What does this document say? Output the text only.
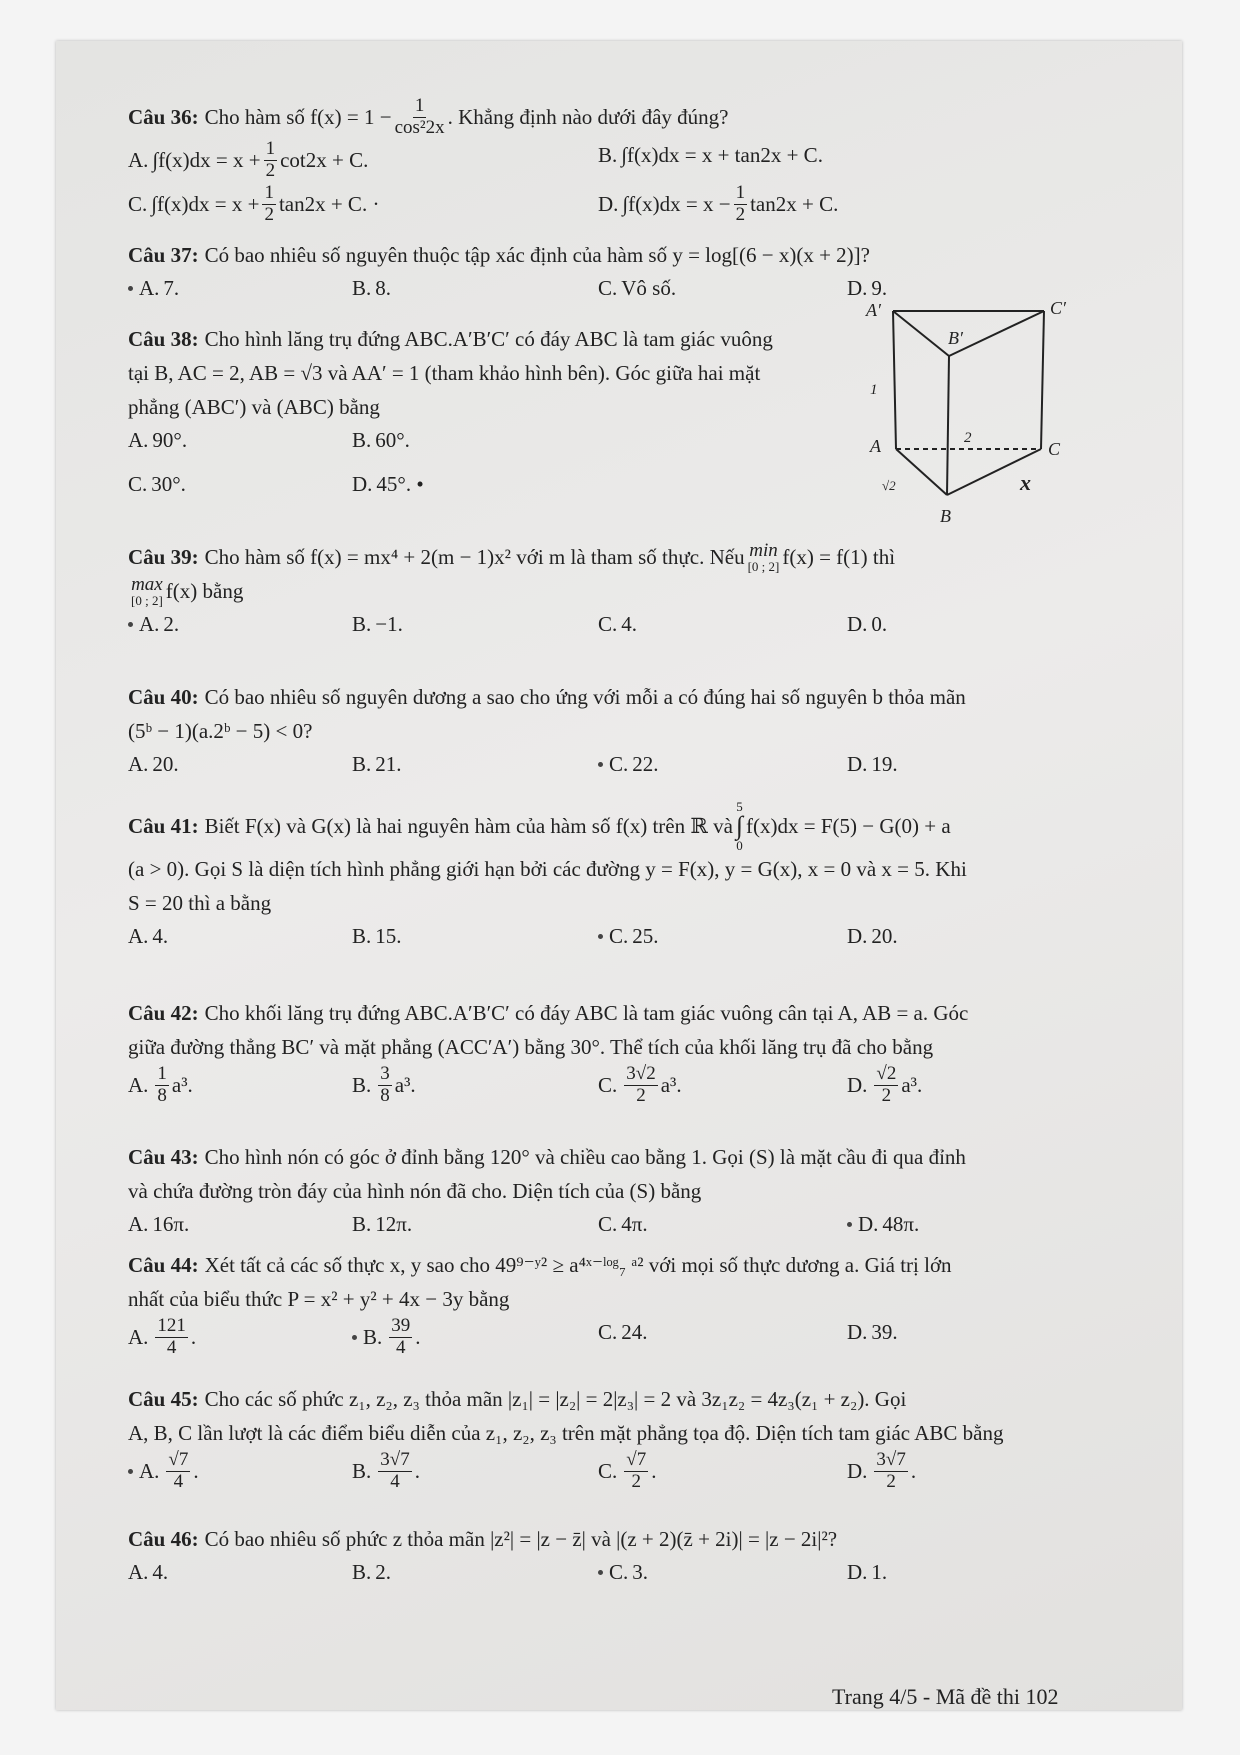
Câu 36: Cho hàm số $f(x) = 1 - \frac{1}{\text{cos²2x}}$ . Khẳng định nào dưới đây đúng?
A. $\int f(x)dx = x + \frac{1}{2} \cot 2x + C$.	B. ∫f(x)dx = x + tan2x + C.
C. $\int f(x)dx = x + \frac{1}{2} \tan 2x + C$. ·	D. $\int f(x)dx = x - \frac{1}{2} \tan 2x + C$.
Câu 37: Có bao nhiêu số nguyên thuộc tập xác định của hàm số y = log[(6 − x)(x + 2)]?
A. 7.	B. 8.	C. Vô số.	D. 9.
Câu 38: Cho hình lăng trụ đứng ABC.A′B′C′ có đáy ABC là tam giác vuông
tại B, AC = 2, AB = √3 và AA′ = 1 (tham khảo hình bên). Góc giữa hai mặt
phẳng (ABC′) và (ABC) bằng
A. 90°.	B. 60°.
C. 30°.	D. 45°. •
Câu 39: Cho hàm số f(x) = mx⁴ + 2(m − 1)x² với m là tham số thực. Nếu min
[0 ; 2] f(x) = f(1) thì
max
[0 ; 2] f(x) bằng
A. 2.	B. −1.	C. 4.	D. 0.
Câu 40: Có bao nhiêu số nguyên dương a sao cho ứng với mỗi a có đúng hai số nguyên b thỏa mãn
(5ᵇ − 1)(a.2ᵇ − 5) < 0?
A. 20.	B. 21.	C. 22.	D. 19.
Câu 41: Biết F(x) và G(x) là hai nguyên hàm của hàm số f(x) trên ℝ và
5
∫
0
f(x)dx = F(5) − G(0) + a
(a > 0). Gọi S là diện tích hình phẳng giới hạn bởi các đường y = F(x), y = G(x), x = 0 và x = 5. Khi
S = 20 thì a bằng
A. 4.	B. 15.	C. 25.	D. 20.
Câu 42: Cho khối lăng trụ đứng ABC.A′B′C′ có đáy ABC là tam giác vuông cân tại A, AB = a. Góc
giữa đường thẳng BC′ và mặt phẳng (ACC′A′) bằng 30°. Thể tích của khối lăng trụ đã cho bằng
A. $\frac{1}{8} a^3$.	B. $\frac{3}{8} a^3$.	C. $\frac{3√2}{2} a^3$.	D. $\frac{√2}{2} a^3$.
Câu 43: Cho hình nón có góc ở đỉnh bằng 120° và chiều cao bằng 1. Gọi (S) là mặt cầu đi qua đỉnh
và chứa đường tròn đáy của hình nón đã cho. Diện tích của (S) bằng
A. 16π.	B. 12π.	C. 4π.	D. 48π.
Câu 44: Xét tất cả các số thực x, y sao cho 49⁹⁻ʸ² ≥ a⁴ˣ⁻ˡᵒᵍ₇ ᵃ² với mọi số thực dương a. Giá trị lớn
nhất của biểu thức P = x² + y² + 4x − 3y bằng
A. $\frac{121}{4}$ .	B. $\frac{39}{4}$ .	C. 24.	D. 39.
Câu 45: Cho các số phức z₁, z₂, z₃ thỏa mãn |z₁| = |z₂| = 2|z₃| = 2 và 3z₁z₂ = 4z₃(z₁ + z₂). Gọi
A, B, C lần lượt là các điểm biểu diễn của z₁, z₂, z₃ trên mặt phẳng tọa độ. Diện tích tam giác ABC bằng
A. $\frac{√7}{4}$ .	B. $\frac{3√7}{4}$ .	C. $\frac{√7}{2}$ .	D. $\frac{3√7}{2}$ .
Câu 46: Có bao nhiêu số phức z thỏa mãn |z²| = |z − z̄| và |(z + 2)(z̄ + 2i)| = |z − 2i|²?
A. 4.	B. 2.	C. 3.	D. 1.
A′	C′
B′
A	C
B
1
2
√2	x
Trang 4/5 - Mã đề thi 102
